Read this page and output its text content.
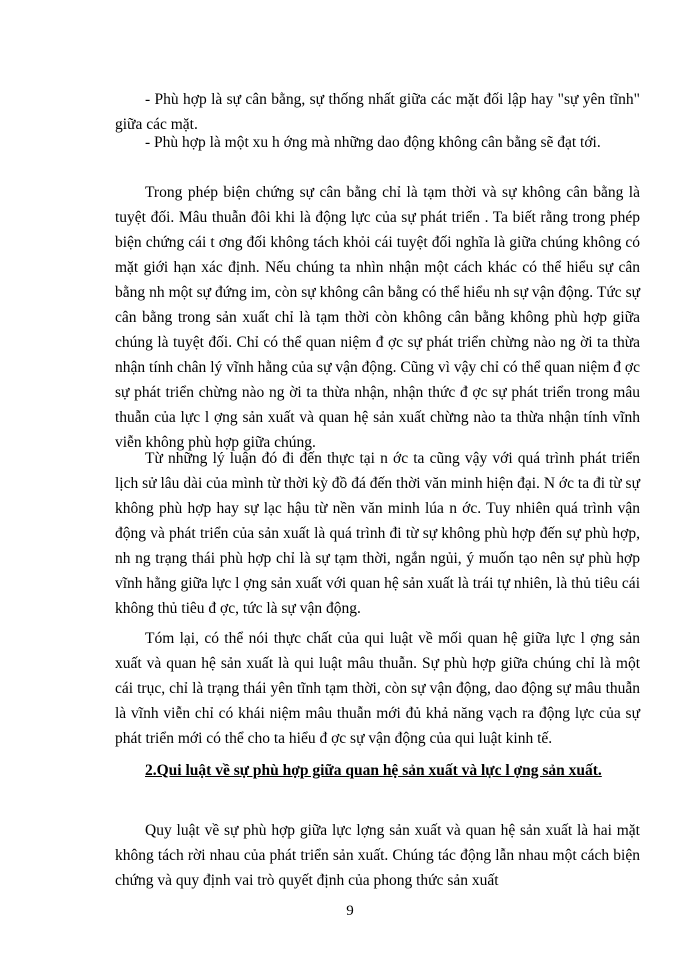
- Phù hợp là sự cân bằng, sự thống nhất giữa các mặt đối lập hay "sự yên tĩnh" giữa các mặt.

- Phù hợp là một xu h ớng mà những dao động không cân bằng sẽ đạt tới.

Trong phép biện chứng sự cân bằng chỉ là tạm thời và sự không cân bằng là tuyệt đối. Mâu thuẫn đôi khi là động lực của sự phát triển . Ta biết rằng trong phép biện chứng cái t ơng đối không tách khỏi cái tuyệt đối nghĩa là giữa chúng không có mặt giới hạn xác định. Nếu chúng ta nhìn nhận một cách khác có thể hiểu sự cân bằng nh một sự đứng im, còn sự không cân bằng có thể hiểu nh sự vận động. Tức sự cân bằng trong sản xuất chỉ là tạm thời còn không cân bằng không phù hợp giữa chúng là tuyệt đối. Chỉ có thể quan niệm đ ợc sự phát triển chừng nào ng ời ta thừa nhận tính chân lý vĩnh hằng của sự vận động. Cũng vì vậy chỉ có thể quan niệm đ ợc sự phát triển chừng nào ng ời ta thừa nhận, nhận thức đ ợc sự phát triển trong mâu thuẫn của lực l ợng sản xuất và quan hệ sản xuất chừng nào ta thừa nhận tính vĩnh viễn không phù hợp giữa chúng.

Từ những lý luận đó đi đến thực tại n ớc ta cũng vậy với quá trình phát triển lịch sử lâu dài của mình từ thời kỳ đồ đá đến thời văn minh hiện đại. N ớc ta đi từ sự không phù hợp hay sự lạc hậu từ nền văn minh lúa n ớc. Tuy nhiên quá trình vận động và phát triển của sản xuất là quá trình đi từ sự không phù hợp đến sự phù hợp, nh ng trạng thái phù hợp chỉ là sự tạm thời, ngắn ngủi, ý muốn tạo nên sự phù hợp vĩnh hằng giữa lực l ợng sản xuất với quan hệ sản xuất là trái tự nhiên, là thủ tiêu cái không thủ tiêu đ ợc, tức là sự vận động.

Tóm lại, có thể nói thực chất của qui luật về mối quan hệ giữa lực l ợng sản xuất và quan hệ sản xuất là qui luật mâu thuẫn. Sự phù hợp giữa chúng chỉ là một cái trục, chỉ là trạng thái yên tĩnh tạm thời, còn sự vận động, dao động sự mâu thuẫn là vĩnh viễn chỉ có khái niệm mâu thuẫn mới đủ khả năng vạch ra động lực của sự phát triển mới có thể cho ta hiểu đ ợc sự vận động của qui luật kinh tế.

2.Qui luật về sự phù hợp giữa quan hệ sản xuất và lực l ợng sản xuất.

Quy luật về sự phù hợp giữa lực lợng sản xuất và quan hệ sản xuất là hai mặt không tách rời nhau của phát triển sản xuất. Chúng tác động lẫn nhau một cách biện chứng và quy định vai trò quyết định của phong thức sản xuất

9
